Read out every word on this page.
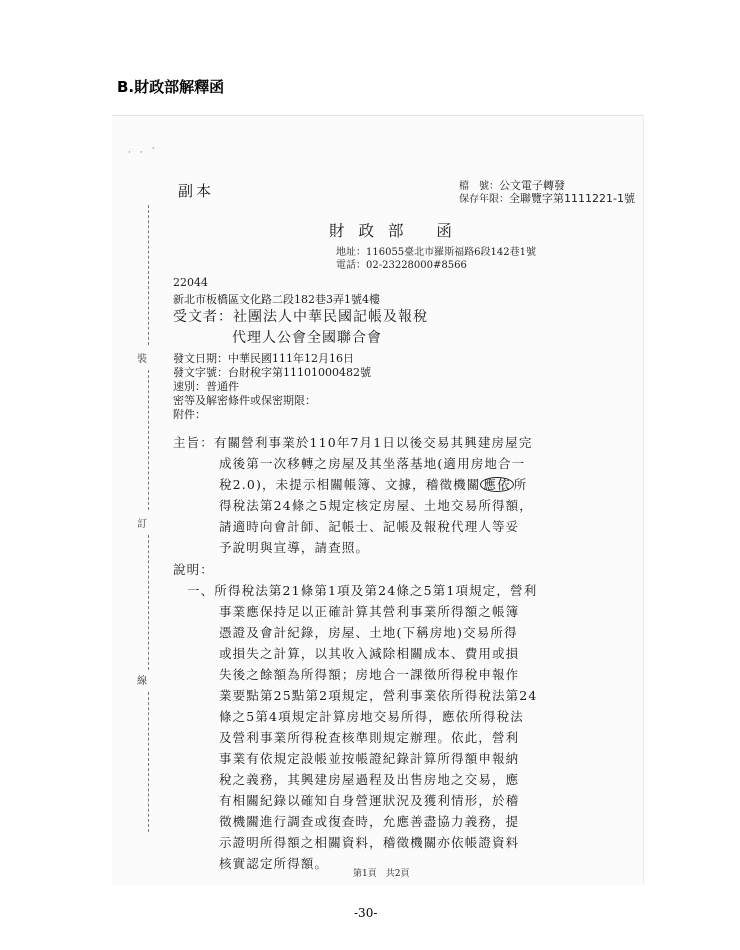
B.財政部解釋函
· · ˋ
裝
訂
線
副本	檔　號：公文電子轉發
保存年限：全聯覽字第1111221-1號
財政部 函
地址：116055臺北市羅斯福路6段142巷1號
電話：02-23228000#8566
22044
新北市板橋區文化路二段182巷3弄1號4樓
受文者：社團法人中華民國記帳及報稅
代理人公會全國聯合會
發文日期：中華民國111年12月16日
發文字號：台財稅字第11101000482號
速別：普通件
密等及解密條件或保密期限：
附件：
主旨：有關營利事業於110年7月1日以後交易其興建房屋完
成後第一次移轉之房屋及其坐落基地(適用房地合一
稅2.0)，未提示相關帳簿、文據，稽徵機關 應依 所
得稅法第24條之5規定核定房屋、土地交易所得額，
請適時向會計師、記帳士、記帳及報稅代理人等妥
予說明與宣導，請查照。
說明：
一、所得稅法第21條第1項及第24條之5第1項規定，營利
事業應保持足以正確計算其營利事業所得額之帳簿
憑證及會計紀錄，房屋、土地(下稱房地)交易所得
或損失之計算，以其收入減除相關成本、費用或損
失後之餘額為所得額；房地合一課徵所得稅申報作
業要點第25點第2項規定，營利事業依所得稅法第24
條之5第4項規定計算房地交易所得，應依所得稅法
及營利事業所得稅查核準則規定辦理。依此，營利
事業有依規定設帳並按帳證紀錄計算所得額申報納
稅之義務，其興建房屋過程及出售房地之交易，應
有相關紀錄以確知自身營運狀況及獲利情形，於稽
徵機關進行調查或復查時，允應善盡協力義務，提
示證明所得額之相關資料，稽徵機關亦依帳證資料
核實認定所得額。
第1頁　共2頁
-30-
